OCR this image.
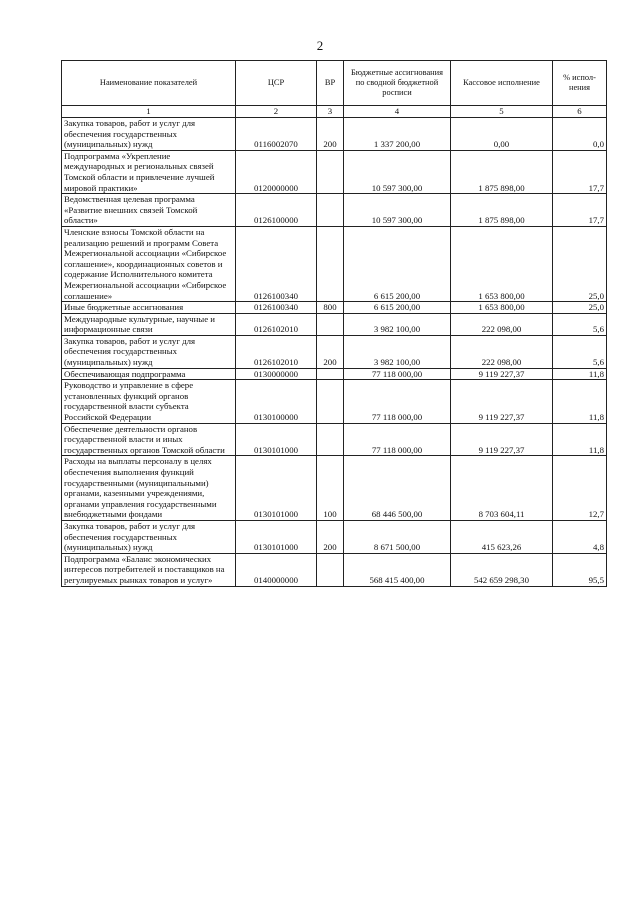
2
Наименование показателей	ЦСР	ВР	Бюджетные ассигнования по сводной бюджетной росписи	Кассовое исполнение	% испол-нения
1	2	3	4	5	6
Закупка товаров, работ и услуг для обеспечения государственных (муниципальных) нужд	0116002070	200	1 337 200,00	0,00	0,0
Подпрограмма «Укрепление международных и региональных связей Томской области и привлечение лучшей мировой практики»	0120000000		10 597 300,00	1 875 898,00	17,7
Ведомственная целевая программа «Развитие внешних связей Томской области»	0126100000		10 597 300,00	1 875 898,00	17,7
Членские взносы Томской области на реализацию решений и программ Совета Межрегиональной ассоциации «Сибирское соглашение», координационных советов и содержание Исполнительного комитета Межрегиональной ассоциации «Сибирское соглашение»	0126100340		6 615 200,00	1 653 800,00	25,0
Иные бюджетные ассигнования	0126100340	800	6 615 200,00	1 653 800,00	25,0
Международные культурные, научные и информационные связи	0126102010		3 982 100,00	222 098,00	5,6
Закупка товаров, работ и услуг для обеспечения государственных (муниципальных) нужд	0126102010	200	3 982 100,00	222 098,00	5,6
Обеспечивающая подпрограмма	0130000000		77 118 000,00	9 119 227,37	11,8
Руководство и управление в сфере установленных функций органов государственной власти субъекта Российской Федерации	0130100000		77 118 000,00	9 119 227,37	11,8
Обеспечение деятельности органов государственной власти и иных государственных органов Томской области	0130101000		77 118 000,00	9 119 227,37	11,8
Расходы на выплаты персоналу в целях обеспечения выполнения функций государственными (муниципальными) органами, казенными учреждениями, органами управления государственными внебюджетными фондами	0130101000	100	68 446 500,00	8 703 604,11	12,7
Закупка товаров, работ и услуг для обеспечения государственных (муниципальных) нужд	0130101000	200	8 671 500,00	415 623,26	4,8
Подпрограмма «Баланс экономических интересов потребителей и поставщиков на регулируемых рынках товаров и услуг»	0140000000		568 415 400,00	542 659 298,30	95,5
